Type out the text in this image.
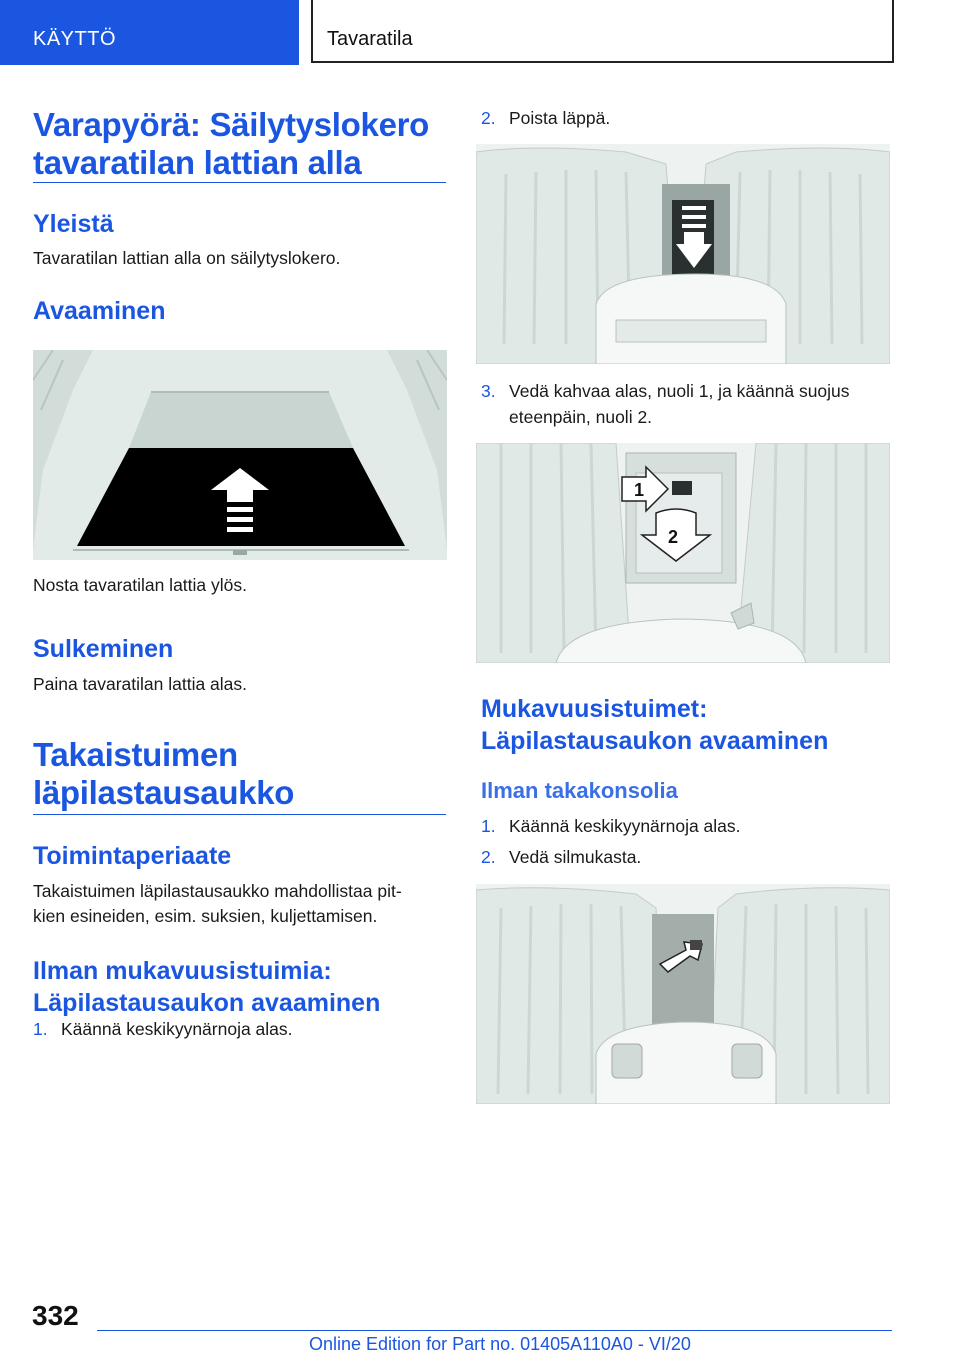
KÄYTTÖ	Tavaratila
Varapyörä: Säilytyslokero
tavaratilan lattian alla
Yleistä
Tavaratilan lattian alla on säilytyslokero.
Avaaminen
Nosta tavaratilan lattia ylös.
Sulkeminen
Paina tavaratilan lattia alas.
Takaistuimen
läpilastausaukko
Toimintaperiaate
Takaistuimen läpilastausaukko mahdollistaa pit-
kien esineiden, esim. suksien, kuljettamisen.
Ilman mukavuusistuimia:
Läpilastausaukon avaaminen
1. Käännä keskikyynärnoja alas.
2. Poista läppä.
3. Vedä kahvaa alas, nuoli 1, ja käännä suojus
eteenpäin, nuoli 2.
1
2
Mukavuusistuimet:
Läpilastausaukon avaaminen
Ilman takakonsolia
1. Käännä keskikyynärnoja alas.
2. Vedä silmukasta.
332
Online Edition for Part no. 01405A110A0 - VI/20
